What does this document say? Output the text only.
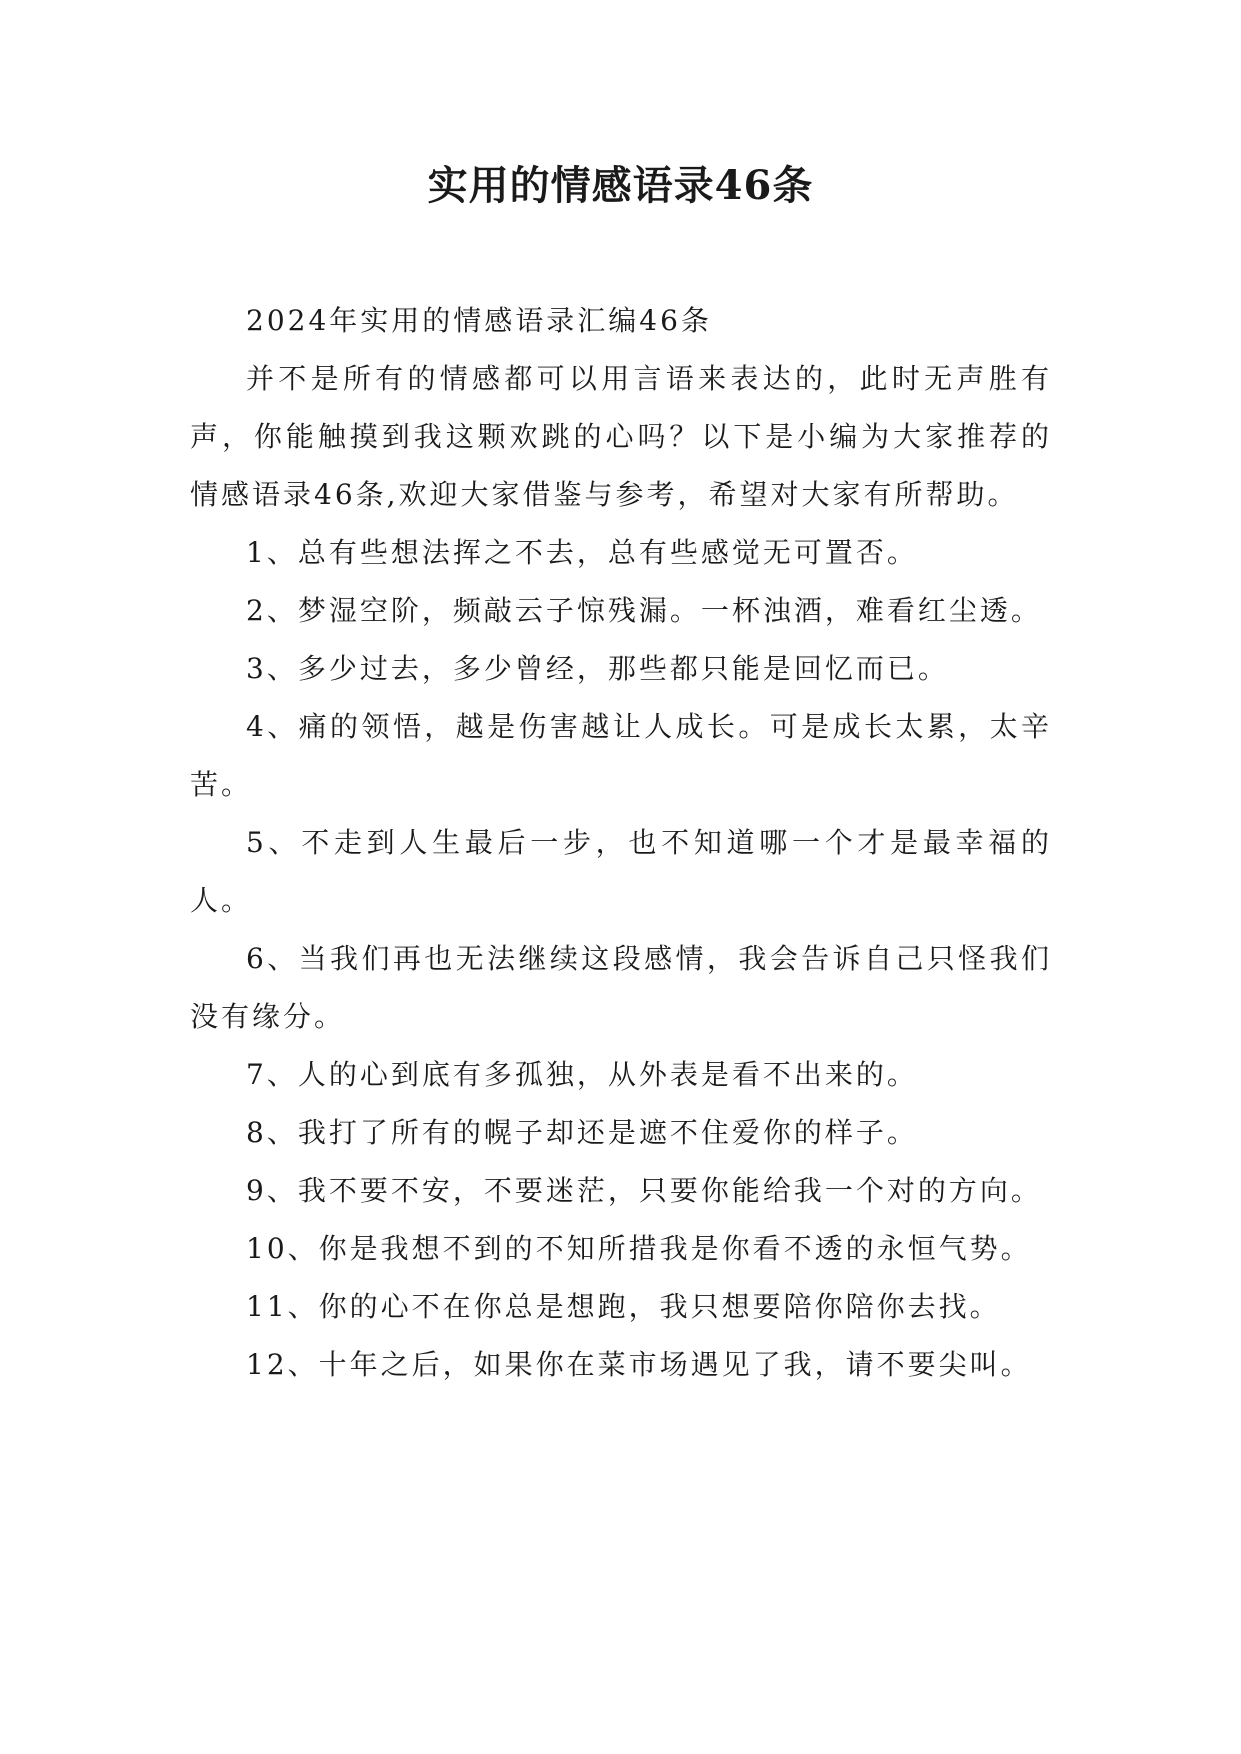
实用的情感语录46条

2024年实用的情感语录汇编46条

并不是所有的情感都可以用言语来表达的，此时无声胜有声，你能触摸到我这颗欢跳的心吗？以下是小编为大家推荐的情感语录46条,欢迎大家借鉴与参考，希望对大家有所帮助。

1、总有些想法挥之不去，总有些感觉无可置否。

2、梦湿空阶，频敲云子惊残漏。一杯浊酒，难看红尘透。

3、多少过去，多少曾经，那些都只能是回忆而已。

4、痛的领悟，越是伤害越让人成长。可是成长太累，太辛苦。

5、不走到人生最后一步，也不知道哪一个才是最幸福的人。

6、当我们再也无法继续这段感情，我会告诉自己只怪我们没有缘分。

7、人的心到底有多孤独，从外表是看不出来的。

8、我打了所有的幌子却还是遮不住爱你的样子。

9、我不要不安，不要迷茫，只要你能给我一个对的方向。

10、你是我想不到的不知所措我是你看不透的永恒气势。

11、你的心不在你总是想跑，我只想要陪你陪你去找。

12、十年之后，如果你在菜市场遇见了我，请不要尖叫。
